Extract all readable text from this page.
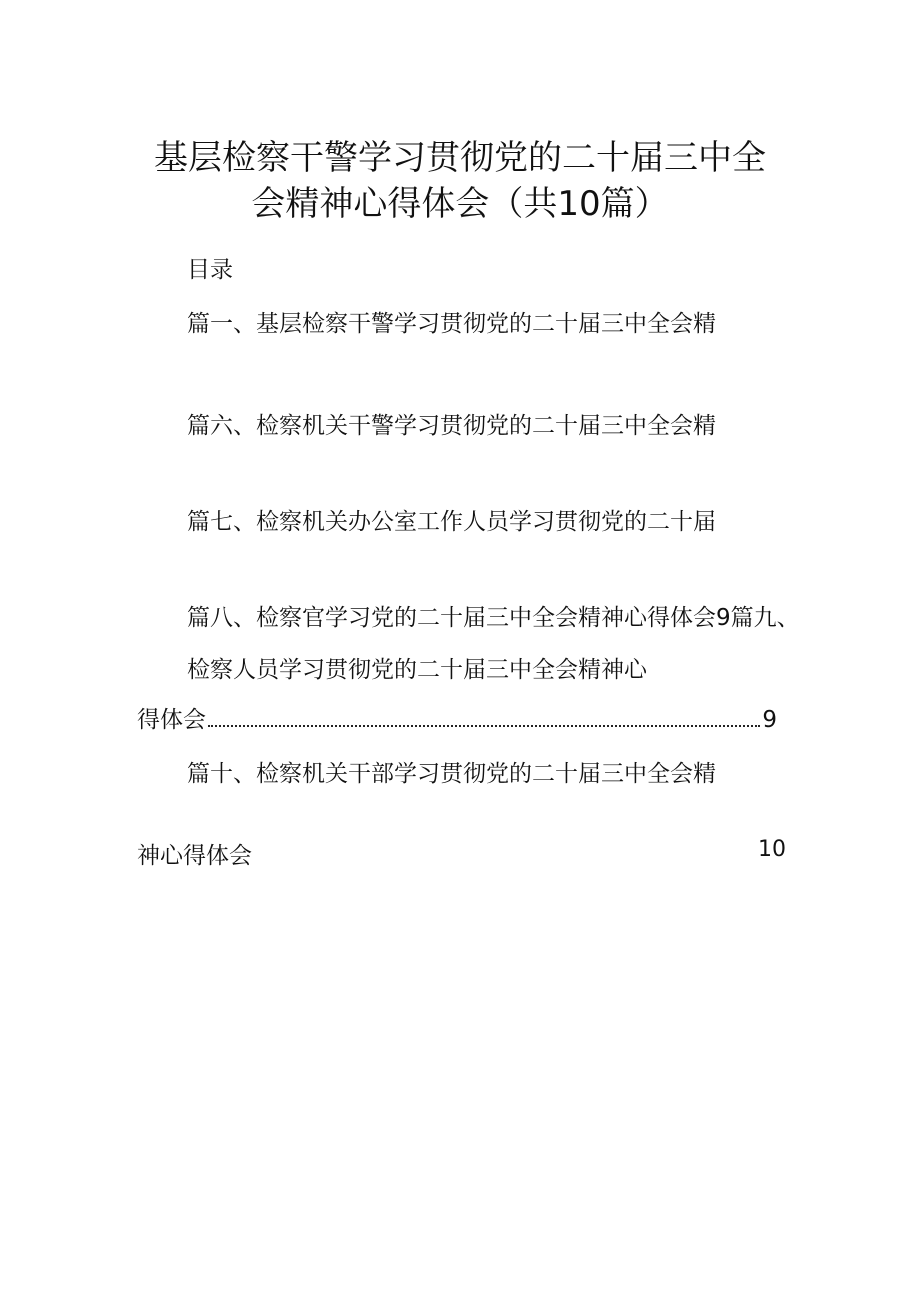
基层检察干警学习贯彻党的二十届三中全
会精神心得体会（共10篇）
目录
篇一、基层检察干警学习贯彻党的二十届三中全会精
篇六、检察机关干警学习贯彻党的二十届三中全会精
篇七、检察机关办公室工作人员学习贯彻党的二十届
篇八、检察官学习党的二十届三中全会精神心得体会9篇九、
检察人员学习贯彻党的二十届三中全会精神心
得体会	9
篇十、检察机关干部学习贯彻党的二十届三中全会精
神心得体会	10
